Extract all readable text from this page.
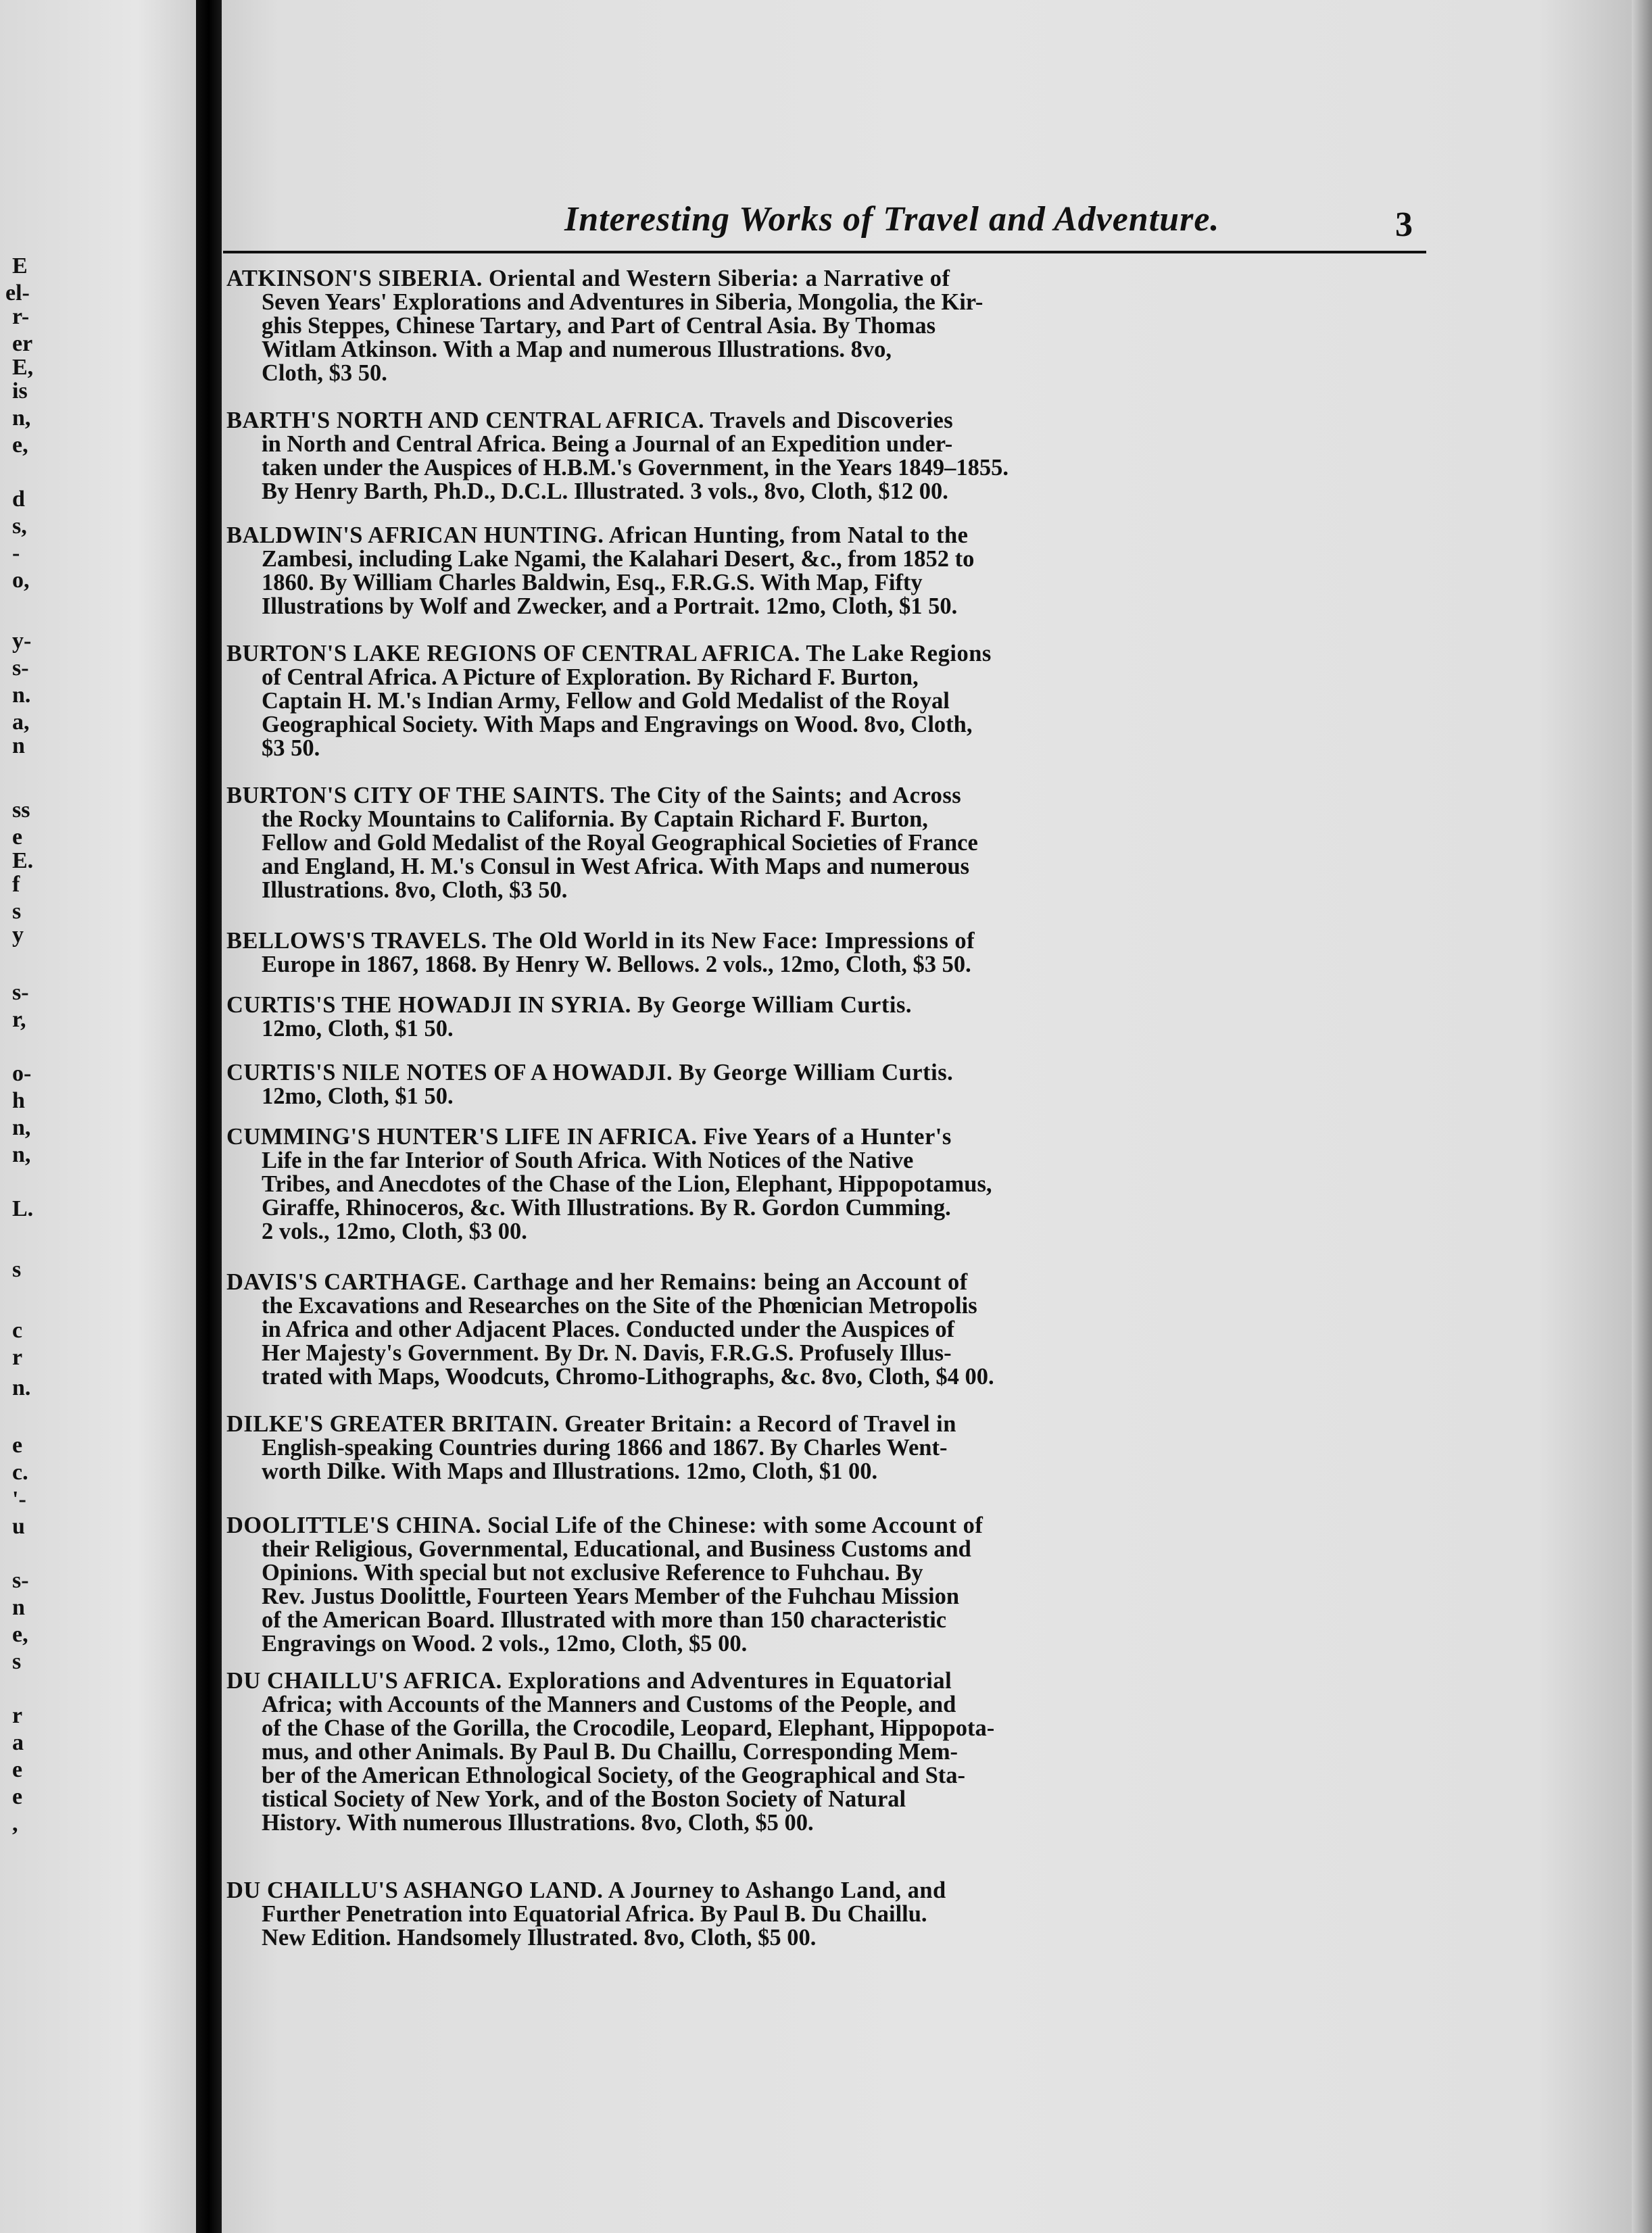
E
el-
r-
er
E,
is
n,
e,
d
s,
-
o,
y-
s-
n.
a,
n
ss
e
E.
f
s
y
s-
r,
o-
h
n,
n,
L.
s
c
r
n.
e
c.
'-
u
s-
n
e,
s
r
a
e
e
,
Interesting Works of Travel and Adventure.	3
ATKINSON'S SIBERIA. Oriental and Western Siberia: a Narrative of
Seven Years' Explorations and Adventures in Siberia, Mongolia, the Kir-
ghis Steppes, Chinese Tartary, and Part of Central Asia. By Thomas
Witlam Atkinson. With a Map and numerous Illustrations. 8vo,
Cloth, $3 50.
BARTH'S NORTH AND CENTRAL AFRICA. Travels and Discoveries
in North and Central Africa. Being a Journal of an Expedition under-
taken under the Auspices of H.B.M.'s Government, in the Years 1849–1855.
By Henry Barth, Ph.D., D.C.L. Illustrated. 3 vols., 8vo, Cloth, $12 00.
BALDWIN'S AFRICAN HUNTING. African Hunting, from Natal to the
Zambesi, including Lake Ngami, the Kalahari Desert, &c., from 1852 to
1860. By William Charles Baldwin, Esq., F.R.G.S. With Map, Fifty
Illustrations by Wolf and Zwecker, and a Portrait. 12mo, Cloth, $1 50.
BURTON'S LAKE REGIONS OF CENTRAL AFRICA. The Lake Regions
of Central Africa. A Picture of Exploration. By Richard F. Burton,
Captain H. M.'s Indian Army, Fellow and Gold Medalist of the Royal
Geographical Society. With Maps and Engravings on Wood. 8vo, Cloth,
$3 50.
BURTON'S CITY OF THE SAINTS. The City of the Saints; and Across
the Rocky Mountains to California. By Captain Richard F. Burton,
Fellow and Gold Medalist of the Royal Geographical Societies of France
and England, H. M.'s Consul in West Africa. With Maps and numerous
Illustrations. 8vo, Cloth, $3 50.
BELLOWS'S TRAVELS. The Old World in its New Face: Impressions of
Europe in 1867, 1868. By Henry W. Bellows. 2 vols., 12mo, Cloth, $3 50.
CURTIS'S THE HOWADJI IN SYRIA. By George William Curtis.
12mo, Cloth, $1 50.
CURTIS'S NILE NOTES OF A HOWADJI. By George William Curtis.
12mo, Cloth, $1 50.
CUMMING'S HUNTER'S LIFE IN AFRICA. Five Years of a Hunter's
Life in the far Interior of South Africa. With Notices of the Native
Tribes, and Anecdotes of the Chase of the Lion, Elephant, Hippopotamus,
Giraffe, Rhinoceros, &c. With Illustrations. By R. Gordon Cumming.
2 vols., 12mo, Cloth, $3 00.
DAVIS'S CARTHAGE. Carthage and her Remains: being an Account of
the Excavations and Researches on the Site of the Phœnician Metropolis
in Africa and other Adjacent Places. Conducted under the Auspices of
Her Majesty's Government. By Dr. N. Davis, F.R.G.S. Profusely Illus-
trated with Maps, Woodcuts, Chromo-Lithographs, &c. 8vo, Cloth, $4 00.
DILKE'S GREATER BRITAIN. Greater Britain: a Record of Travel in
English-speaking Countries during 1866 and 1867. By Charles Went-
worth Dilke. With Maps and Illustrations. 12mo, Cloth, $1 00.
DOOLITTLE'S CHINA. Social Life of the Chinese: with some Account of
their Religious, Governmental, Educational, and Business Customs and
Opinions. With special but not exclusive Reference to Fuhchau. By
Rev. Justus Doolittle, Fourteen Years Member of the Fuhchau Mission
of the American Board. Illustrated with more than 150 characteristic
Engravings on Wood. 2 vols., 12mo, Cloth, $5 00.
DU CHAILLU'S AFRICA. Explorations and Adventures in Equatorial
Africa; with Accounts of the Manners and Customs of the People, and
of the Chase of the Gorilla, the Crocodile, Leopard, Elephant, Hippopota-
mus, and other Animals. By Paul B. Du Chaillu, Corresponding Mem-
ber of the American Ethnological Society, of the Geographical and Sta-
tistical Society of New York, and of the Boston Society of Natural
History. With numerous Illustrations. 8vo, Cloth, $5 00.
DU CHAILLU'S ASHANGO LAND. A Journey to Ashango Land, and
Further Penetration into Equatorial Africa. By Paul B. Du Chaillu.
New Edition. Handsomely Illustrated. 8vo, Cloth, $5 00.
